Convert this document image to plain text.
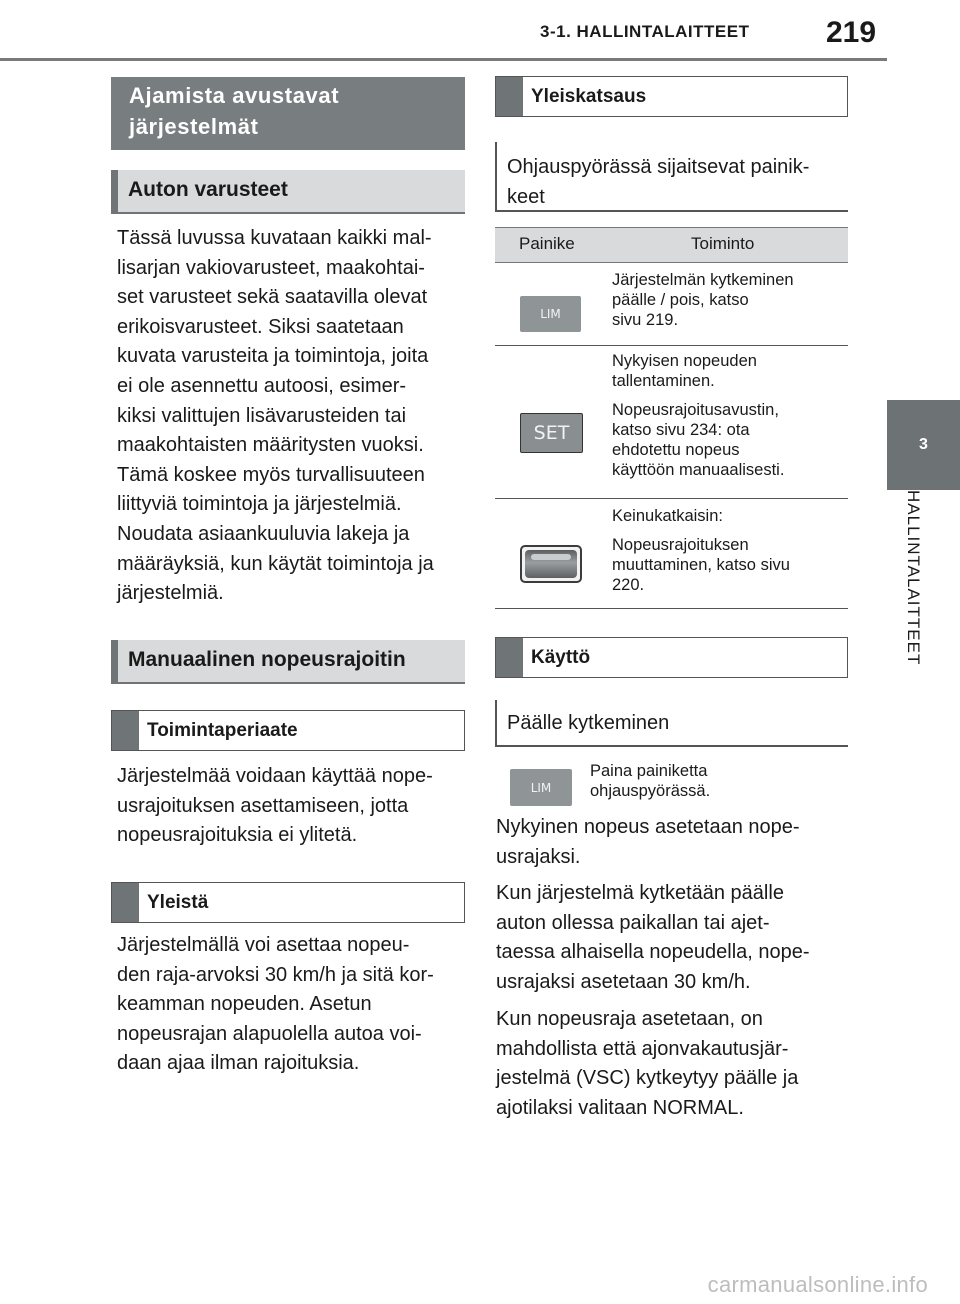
3-1. HALLINTALAITTEET	219
3
HALLINTALAITTEET
Ajamista avustavat
järjestelmät
Auton varusteet
Tässä luvussa kuvataan kaikki mal-
lisarjan vakiovarusteet, maakohtai-
set varusteet sekä saatavilla olevat
erikoisvarusteet. Siksi saatetaan
kuvata varusteita ja toimintoja, joita
ei ole asennettu autoosi, esimer-
kiksi valittujen lisävarusteiden tai
maakohtaisten määritysten vuoksi.
Tämä koskee myös turvallisuuteen
liittyviä toimintoja ja järjestelmiä.
Noudata asiaankuuluvia lakeja ja
määräyksiä, kun käytät toimintoja ja
järjestelmiä.
Manuaalinen nopeusrajoitin
Toimintaperiaate
Järjestelmää voidaan käyttää nope-
usrajoituksen asettamiseen, jotta
nopeusrajoituksia ei ylitetä.
Yleistä
Järjestelmällä voi asettaa nopeu-
den raja-arvoksi 30 km/h ja sitä kor-
keamman nopeuden. Asetun
nopeusrajan alapuolella autoa voi-
daan ajaa ilman rajoituksia.
Yleiskatsaus
Ohjauspyörässä sijaitsevat painik-
keet
Painike	Toiminto
LIM
Järjestelmän kytkeminen
päälle / pois, katso
sivu 219.
SET
Nykyisen nopeuden
tallentaminen.
Nopeusrajoitusavustin,
katso sivu 234: ota
ehdotettu nopeus
käyttöön manuaalisesti.
Keinukatkaisin:
Nopeusrajoituksen
muuttaminen, katso sivu
220.
Käyttö
Päälle kytkeminen
LIM
Paina painiketta
ohjauspyörässä.
Nykyinen nopeus asetetaan nope-
usrajaksi.
Kun järjestelmä kytketään päälle
auton ollessa paikallan tai ajet-
taessa alhaisella nopeudella, nope-
usrajaksi asetetaan 30 km/h.
Kun nopeusraja asetetaan, on
mahdollista että ajonvakautusjär-
jestelmä (VSC) kytkeytyy päälle ja
ajotilaksi valitaan NORMAL.
carmanualsonline.info
